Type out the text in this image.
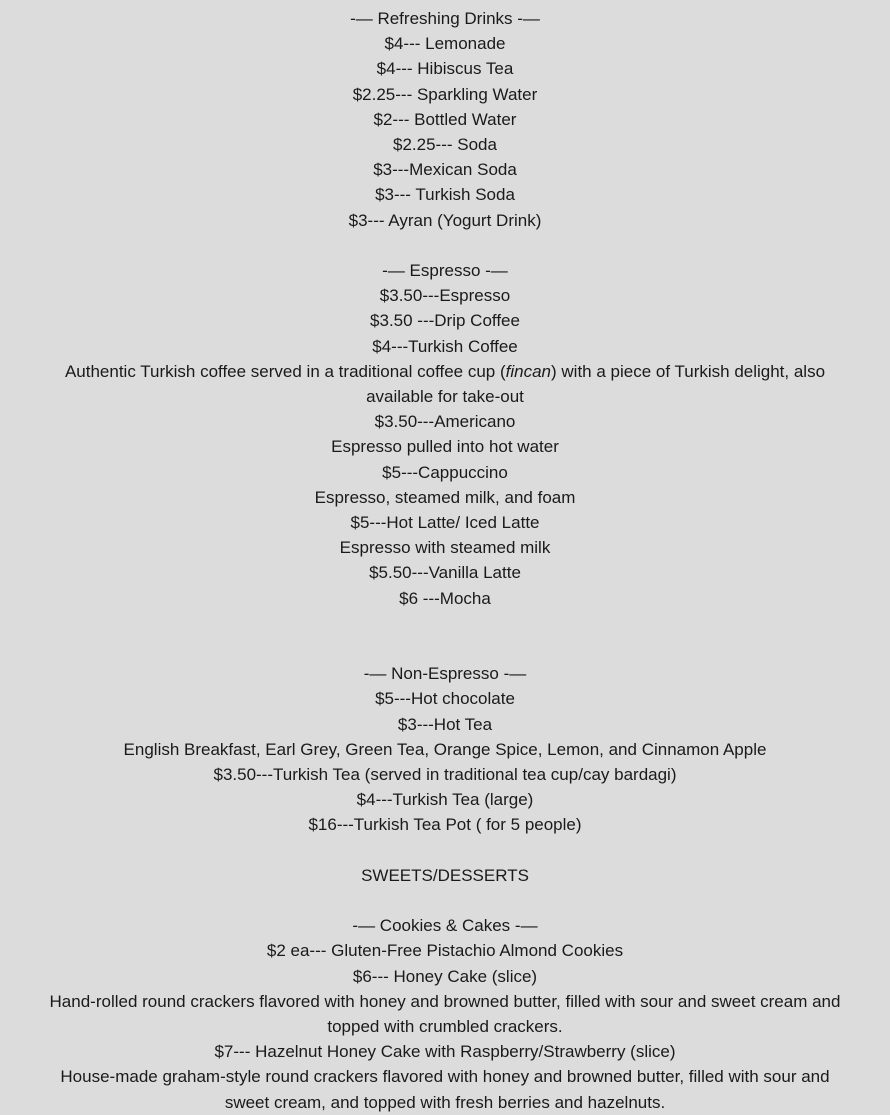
-— Refreshing Drinks -—
$4--- Lemonade
$4--- Hibiscus Tea
$2.25--- Sparkling Water
$2--- Bottled Water
$2.25--- Soda
$3---Mexican Soda
$3--- Turkish Soda
$3--- Ayran (Yogurt Drink)
-— Espresso -—
$3.50---Espresso
$3.50 ---Drip Coffee
$4---Turkish Coffee
Authentic Turkish coffee served in a traditional coffee cup (fincan) with a piece of Turkish delight, also available for take-out
$3.50---Americano
Espresso pulled into hot water
$5---Cappuccino
Espresso, steamed milk, and foam
$5---Hot Latte/ Iced Latte
Espresso with steamed milk
$5.50---Vanilla Latte
$6 ---Mocha
-— Non-Espresso -—
$5---Hot chocolate
$3---Hot Tea
English Breakfast, Earl Grey, Green Tea, Orange Spice, Lemon, and Cinnamon Apple
$3.50---Turkish Tea (served in traditional tea cup/cay bardagi)
$4---Turkish Tea (large)
$16---Turkish Tea Pot ( for 5 people)
SWEETS/DESSERTS
-— Cookies & Cakes -—
$2 ea--- Gluten-Free Pistachio Almond Cookies
$6--- Honey Cake (slice)
Hand-rolled round crackers flavored with honey and browned butter, filled with sour and sweet cream and topped with crumbled crackers.
$7--- Hazelnut Honey Cake with Raspberry/Strawberry (slice)
House-made graham-style round crackers flavored with honey and browned butter, filled with sour and sweet cream, and topped with fresh berries and hazelnuts.
